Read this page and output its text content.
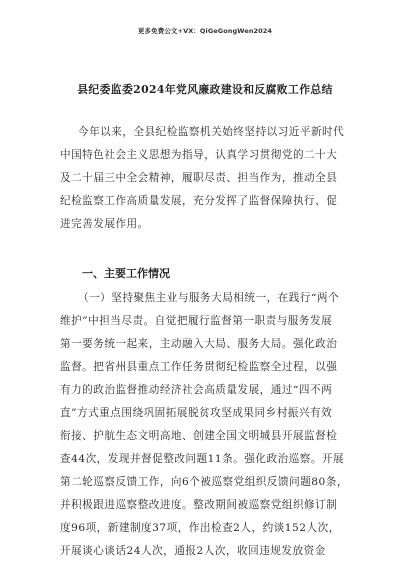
更多免费公文+VX：QiGeGongWen2024
县纪委监委2024年党风廉政建设和反腐败工作总结
今年以来，全县纪检监察机关始终坚持以习近平新时代
中国特色社会主义思想为指导，认真学习贯彻党的二十大
及二十届三中全会精神，履职尽责、担当作为，推动全县
纪检监察工作高质量发展，充分发挥了监督保障执行、促
进完善发展作用。
一、主要工作情况
（一）坚持聚焦主业与服务大局相统一，在践行“两个
维护”中担当尽责。自觉把履行监督第一职责与服务发展
第一要务统一起来，主动融入大局、服务大局。强化政治
监督。把省州县重点工作任务贯彻纪检监察全过程，以强
有力的政治监督推动经济社会高质量发展，通过“四不两
直”方式重点围绕巩固拓展脱贫攻坚成果同乡村振兴有效
衔接、护航生态文明高地、创建全国文明城县开展监督检
查44次，发现并督促整改问题11条。强化政治巡察。开展
第二轮巡察反馈工作，向6个被巡察党组织反馈问题80条，
并积极跟进巡察整改进度。整改期间被巡察党组织修订制
度96项，新建制度37项，作出检查2人，约谈152人次，
开展谈心谈话24人次，通报2人次，收回违规发放资金
